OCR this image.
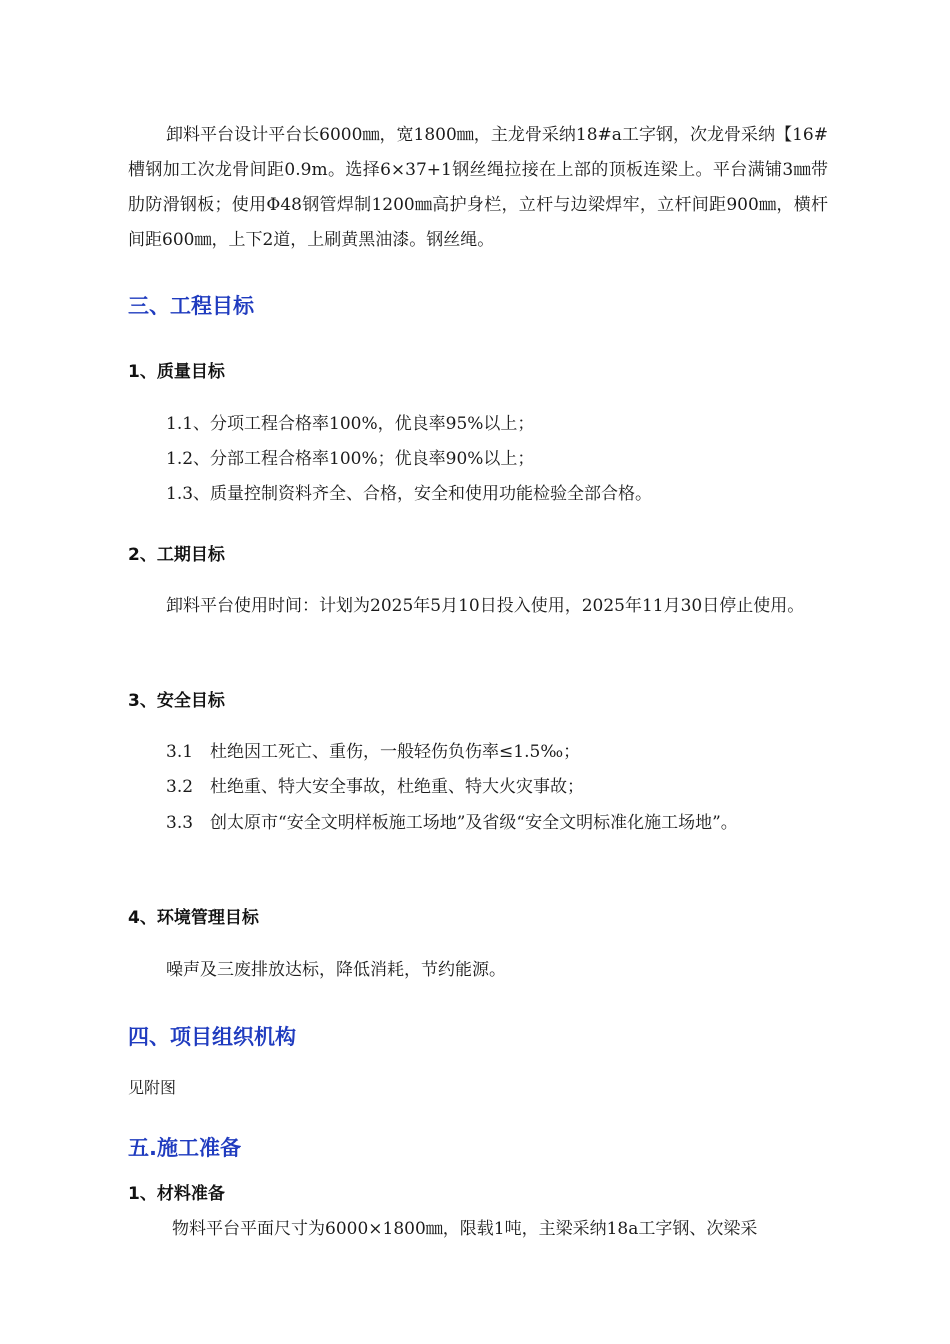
卸料平台设计平台长6000㎜，宽1800㎜，主龙骨采纳18#a工字钢，次龙骨采纳【16#槽钢加工次龙骨间距0.9m。选择6×37+1钢丝绳拉接在上部的顶板连梁上。平台满铺3㎜带肋防滑钢板；使用Φ48钢管焊制1200㎜高护身栏，立杆与边梁焊牢，立杆间距900㎜，横杆间距600㎜，上下2道，上刷黄黑油漆。钢丝绳。

三、工程目标
1、质量目标

1.1、分项工程合格率100%，优良率95%以上；

1.2、分部工程合格率100%；优良率90%以上；

1.3、质量控制资料齐全、合格，安全和使用功能检验全部合格。

2、工期目标

卸料平台使用时间：计划为2025年5月10日投入使用，2025年11月30日停止使用。

3、安全目标

3.1　杜绝因工死亡、重伤，一般轻伤负伤率≤1.5‰；

3.2　杜绝重、特大安全事故，杜绝重、特大火灾事故；

3.3　创太原市“安全文明样板施工场地”及省级“安全文明标准化施工场地”。

4、环境管理目标

噪声及三废排放达标，降低消耗，节约能源。

四、项目组织机构

见附图

五.施工准备
1、材料准备

物料平台平面尺寸为6000×1800㎜，限载1吨，主梁采纳18a工字钢、次梁采
